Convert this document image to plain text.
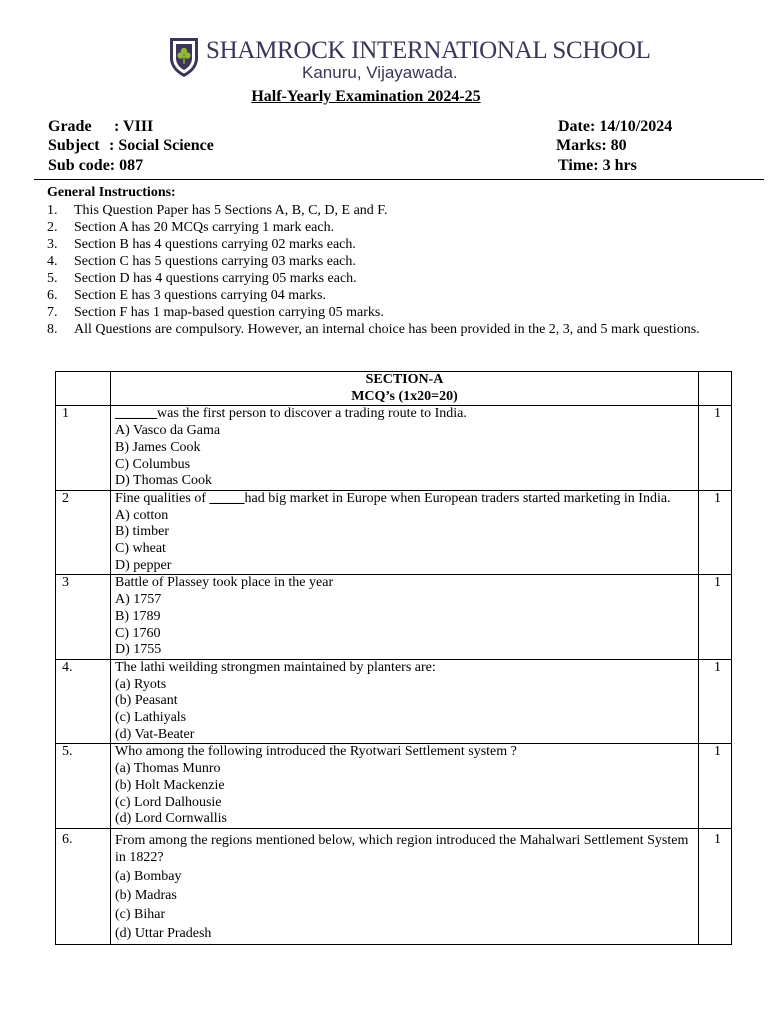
SHAMROCK INTERNATIONAL SCHOOL
Kanuru, Vijayawada.
Half-Yearly Examination 2024-25
Grade : VIII
Subject : Social Science
Sub code: 087
Date: 14/10/2024
Marks: 80
Time: 3 hrs
General Instructions:
1. This Question Paper has 5 Sections A, B, C, D, E and F.
2. Section A has 20 MCQs carrying 1 mark each.
3. Section B has 4 questions carrying 02 marks each.
4. Section C has 5 questions carrying 03 marks each.
5. Section D has 4 questions carrying 05 marks each.
6. Section E has 3 questions carrying 04 marks.
7. Section F has 1 map-based question carrying 05 marks.
8. All Questions are compulsory. However, an internal choice has been provided in the 2, 3, and 5 mark questions.

	SECTION-A
MCQ’s (1x20=20)	

1	______was the first person to discover a trading route to India.
A) Vasco da Gama
B) James Cook
C) Columbus
D) Thomas Cook	1
2	Fine qualities of _____had big market in Europe when European traders started marketing in India.
A) cotton
B) timber
C) wheat
D) pepper	1
3	Battle of Plassey took place in the year
A) 1757
B) 1789
C) 1760
D) 1755	1
4.	The lathi weilding strongmen maintained by planters are:
(a) Ryots
(b) Peasant
(c) Lathiyals
(d) Vat-Beater	1
5.	Who among the following introduced the Ryotwari Settlement system ?
(a) Thomas Munro
(b) Holt Mackenzie
(c) Lord Dalhousie
(d) Lord Cornwallis	1
6.	From among the regions mentioned below, which region introduced the Mahalwari Settlement System in 1822?
(a) Bombay
(b) Madras
(c) Bihar
(d) Uttar Pradesh	1
